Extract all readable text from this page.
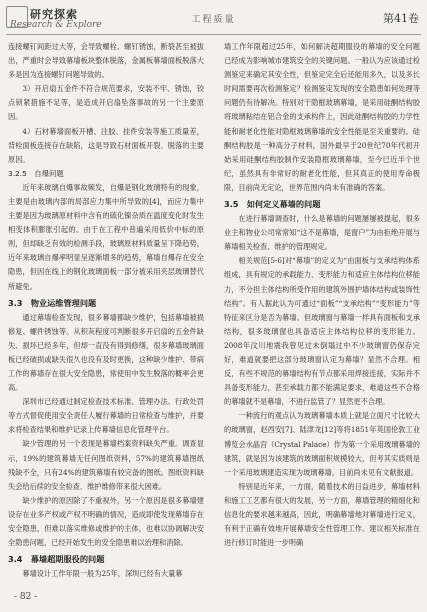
研究探索
Research & Explore	工程质量	第41卷

连接螺钉间距过大等，会导致螺栓、螺钉锈蚀、断裂甚至被拔出，严重时会导致幕墙板块整体脱落，金属板幕墙面板脱落大多是因为连接螺钉问题导致的。

3）开启扇五金件不符合规范要求，安装不牢、锈蚀，铰点锁紧措施不足等，是造成开启扇坠落事故的另一个主要原因。

4）石材幕墙面板开槽、注胶、挂件安装等施工质量差，背栓面板连接存在缺陷，这是导致石材面板开裂、脱落的主要原因。

3.2.5　自爆问题

近年来玻璃自爆事故频发，自爆是钢化玻璃特有的现象，主要是由玻璃内部的局部应力集中所导致的[4]，而应力集中主要是因为玻璃原材料中含有的硫化镍杂质在温度变化时发生相变体积膨胀引起的。由于在工程中普遍采用低价中标的原则，但却缺乏有效的检测手段，玻璃原材料质量呈下降趋势，近年来玻璃自爆率明显呈逐渐增多的趋势，幕墙自爆存在安全隐患，但因在线上的钢化玻璃面板一部分被采用夹层玻璃替代所避免。

3.3　物业运维管理问题

通过幕墙检查发现，很多幕墙都缺少维护，包括幕墙被损修复、螺件锈蚀等。从积灰程度可判断很多开启扇的五金件缺失、损坏已经多年，但却一直没有得到修缮，很多幕墙玻璃面板已经破损或缺失很久也没有及时更换，这种缺少维护、带病工作的幕墙存在很大安全隐患，常使用中发生脱落的概率会更高。

深圳市已经通过制定检查技术标准、管理办法、行政处罚等方式督促使用安全责任人履行幕墙的日常检查与维护，并要求将检查结果和维护记录上传幕墙信息化管理平台。

缺少管理的另一个表现是幕墙档案资料缺失严重。调查显示，19%的建筑幕墙无任何图纸资料，57%的建筑幕墙图纸残缺不全，只有24%的建筑幕墙有较完备的图纸。图纸资料缺失会给后续的安全检查、维护维修带来很大困难。

缺少维护的原因除了不重视外，另一个原因是很多幕墙建设存在业多产权或产权不明确的情况，造成即使发现幕墙存在安全隐患，但难以落实维修或维护的主体，也难以协调解决安全隐患问题，已经开始发生的安全隐患难以治理和消除。

3.4　幕墙超期服役的问题

幕墙设计工作年限一般为25年，深圳已经有大量幕

墙工作年限超过25年，如何解决超期服役的幕墙的安全问题已经成为影响城市建筑安全的关键问题。一般认为应该通过检测鉴定来确定其安全性，但鉴定完全后还能用多久，以及多长时间需要再次检测鉴定？检测鉴定发现的安全隐患如何处理等问题仍有待解决。特别对于隐框玻璃幕墙，是采用硅酮结构胶将玻璃粘结在铝合金的支承构件上，因此硅酮结构胶的力学性能和耐老化性能对隐框玻璃幕墙的安全性能是至关重要的。硅酮结构胶是一种高分子材料，国外最早于20世纪70年代初开始采用硅酮结构胶制作安装隐框玻璃幕墙，至今已近半个世纪，虽然具有非常好的耐老化性能，但其真正的使用寿命极限，目前尚无定论，世界范围内尚未有准确的答案。

3.5　如何定义幕墙的问题

在进行幕墙调查时，什么是幕墙的问题屡屡被提起，很多业主和物业公司常常知“这不是幕墙，是窗户”为由拒绝开展与幕墙相关检查、维护的管理规定。

相关规范[5-6]对“幕墙”的定义为“由面板与支承结构体系组成，具有规定的承载能力、变形能力和适应主体结构位移能力，不分担主体结构所受作用的建筑外围护墙体结构或装饰性结构”。有人据此认为可通过“面板”“支承结构”“变形能力”等特征来区分是否为幕墙。但玻璃窗与幕墙一样具有面板和支承结构，很多玻璃窗也具备适应主体结构位移的变形能力。2008年汶川地震我曾见过未倒塌过中不少玻璃窗仍保存完好，难道就要把这部分玻璃窗认定为幕墙？显然不合理。相反，有些不规范的幕墙结构有节点都采用焊接连接，实际并不具备变形能力，甚至承载力都不能满足要求，难道这些不合格的幕墙就不是幕墙，不进行监管了？显然更不合理。

一种流行的观点认为玻璃幕墙本质上就是立面尺寸比较大的玻璃窗，赵西安[7]、陆津龙[12]等将1851年英国伦敦工业博览会水晶宫（Crystal Palace）作为第一个采用玻璃幕墙的建筑，就是因为该建筑的玻璃面积规模较大，但考其实质则是一个采用玻璃建造实现为玻璃幕墙，目前尚未见有文献报道。

特别是近年来，一方面，随着技术的日益进步，幕墙材料和施工工艺都有很大的发展，另一方面，幕墙管理的精细化和信息化的要求越来越高，因此，明确幕墙地对幕墙进行定义，有利于正确有效地开展幕墙安全性管理工作。建议相关标准在进行修订时能进一步明确

- 82 -
